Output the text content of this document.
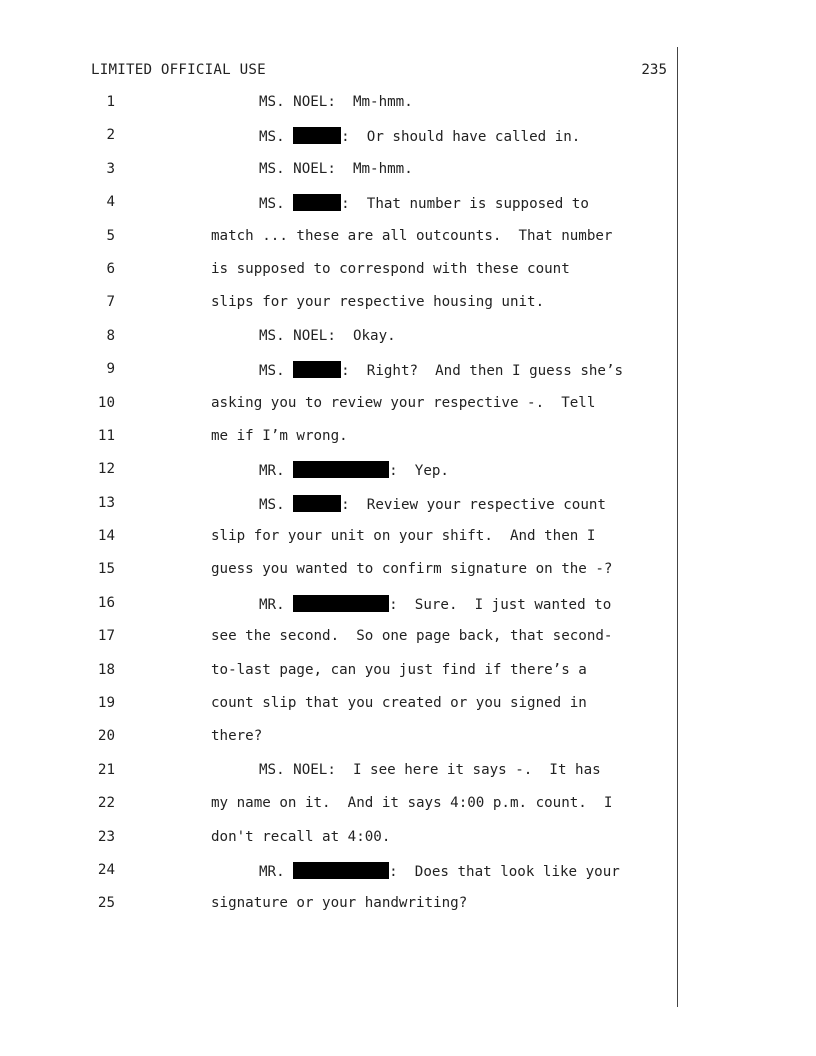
LIMITED OFFICIAL USE	235
1	MS. NOEL:  Mm-hmm.
2	MS.	:  Or should have called in.
3	MS. NOEL:  Mm-hmm.
4	MS.	:  That number is supposed to
5	match ... these are all outcounts.  That number
6	is supposed to correspond with these count
7	slips for your respective housing unit.
8	MS. NOEL:  Okay.
9	MS.	:  Right?  And then I guess she’s
10	asking you to review your respective -.  Tell
11	me if I’m wrong.
12	MR.	:  Yep.
13	MS.	:  Review your respective count
14	slip for your unit on your shift.  And then I
15	guess you wanted to confirm signature on the -?
16	MR.	:  Sure.  I just wanted to
17	see the second.  So one page back, that second-
18	to-last page, can you just find if there’s a
19	count slip that you created or you signed in
20	there?
21	MS. NOEL:  I see here it says -.  It has
22	my name on it.  And it says 4:00 p.m. count.  I
23	don't recall at 4:00.
24	MR.	:  Does that look like your
25	signature or your handwriting?
